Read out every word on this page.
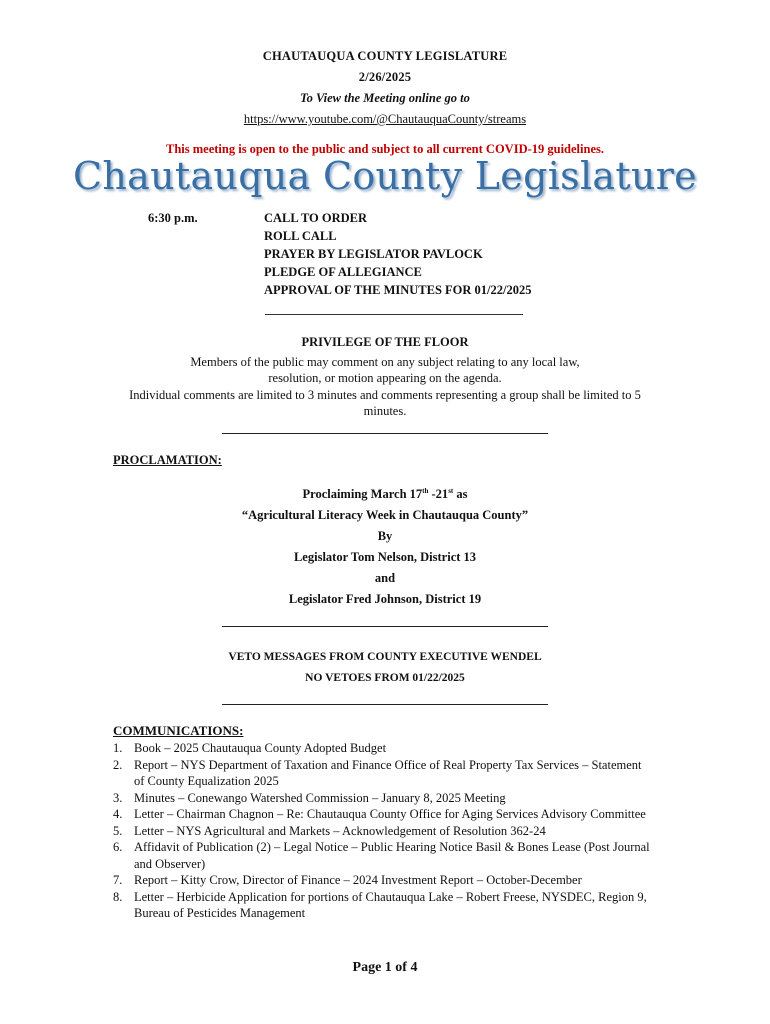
CHAUTAUQUA COUNTY LEGISLATURE
2/26/2025
To View the Meeting online go to
https://www.youtube.com/@ChautauquaCounty/streams
This meeting is open to the public and subject to all current COVID-19 guidelines.
Chautauqua County Legislature
6:30 p.m.	CALL TO ORDER
ROLL CALL
PRAYER BY LEGISLATOR PAVLOCK
PLEDGE OF ALLEGIANCE
APPROVAL OF THE MINUTES FOR 01/22/2025
PRIVILEGE OF THE FLOOR
Members of the public may comment on any subject relating to any local law,
resolution, or motion appearing on the agenda.
Individual comments are limited to 3 minutes and comments representing a group shall be limited to 5
minutes.
PROCLAMATION:
Proclaiming March 17th -21st as
“Agricultural Literacy Week in Chautauqua County”
By
Legislator Tom Nelson, District 13
and
Legislator Fred Johnson, District 19
VETO MESSAGES FROM COUNTY EXECUTIVE WENDEL
NO VETOES FROM 01/22/2025
COMMUNICATIONS:
1. Book – 2025 Chautauqua County Adopted Budget
2. Report – NYS Department of Taxation and Finance Office of Real Property Tax Services – Statement of County Equalization 2025
3. Minutes – Conewango Watershed Commission – January 8, 2025 Meeting
4. Letter – Chairman Chagnon – Re: Chautauqua County Office for Aging Services Advisory Committee
5. Letter – NYS Agricultural and Markets – Acknowledgement of Resolution 362-24
6. Affidavit of Publication (2) – Legal Notice – Public Hearing Notice Basil & Bones Lease (Post Journal and Observer)
7. Report – Kitty Crow, Director of Finance – 2024 Investment Report – October-December
8. Letter – Herbicide Application for portions of Chautauqua Lake – Robert Freese, NYSDEC, Region 9, Bureau of Pesticides Management
Page 1 of 4
